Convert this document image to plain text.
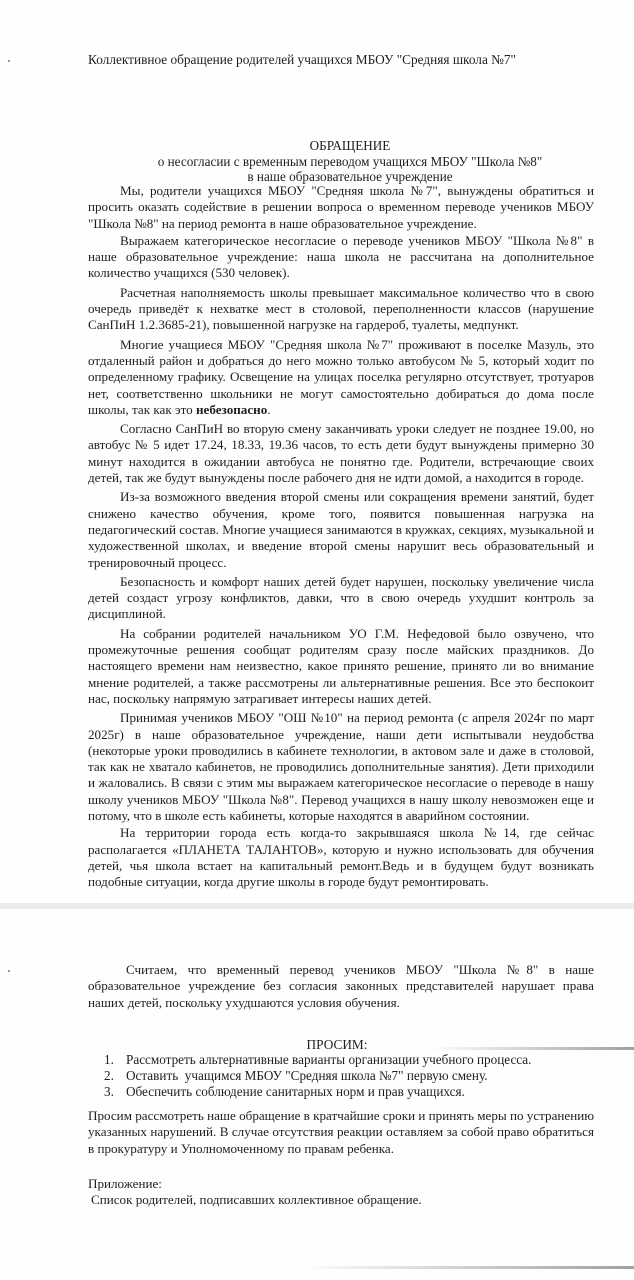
Коллективное обращение родителей учащихся МБОУ "Средняя школа №7"
ОБРАЩЕНИЕ
о несогласии с временным переводом учащихся МБОУ "Школа №8"
в наше образовательное учреждение

Мы, родители учащихся МБОУ "Средняя школа №7", вынуждены обратиться и просить оказать содействие в решении вопроса о временном переводе учеников МБОУ "Школа №8" на период ремонта в наше образовательное учреждение.

Выражаем категорическое несогласие о переводе учеников МБОУ "Школа №8" в наше образовательное учреждение: наша школа не рассчитана на дополнительное количество учащихся (530 человек).

Расчетная наполняемость школы превышает максимальное количество что в свою очередь приведёт к нехватке мест в столовой, переполненности классов (нарушение СанПиН 1.2.3685-21), повышенной нагрузке на гардероб, туалеты, медпункт.

Многие учащиеся МБОУ "Средняя школа №7" проживают в поселке Мазуль, это отдаленный район и добраться до него можно только автобусом № 5, который ходит по определенному графику. Освещение на улицах поселка регулярно отсутствует, тротуаров нет, соответственно школьники не могут самостоятельно добираться до дома после школы, так как это небезопасно.

Согласно СанПиН во вторую смену заканчивать уроки следует не позднее 19.00, но автобус № 5 идет 17.24, 18.33, 19.36 часов, то есть дети будут вынуждены примерно 30 минут находится в ожидании автобуса не понятно где. Родители, встречающие своих детей, так же будут вынуждены после рабочего дня не идти домой, а находится в городе.

Из-за возможного введения второй смены или сокращения времени занятий, будет снижено качество обучения, кроме того, появится повышенная нагрузка на педагогический состав. Многие учащиеся занимаются в кружках, секциях, музыкальной и художественной школах, и введение второй смены нарушит весь образовательный и тренировочный процесс.

Безопасность и комфорт наших детей будет нарушен, поскольку увеличение числа детей создаст угрозу конфликтов, давки, что в свою очередь ухудшит контроль за дисциплиной.

На собрании родителей начальником УО Г.М. Нефедовой было озвучено, что промежуточные решения сообщат родителям сразу после майских праздников. До настоящего времени нам неизвестно, какое принято решение, принято ли во внимание мнение родителей, а также рассмотрены ли альтернативные решения. Все это беспокоит нас, поскольку напрямую затрагивает интересы наших детей.

Принимая учеников МБОУ "ОШ №10" на период ремонта (с апреля 2024г по март 2025г) в наше образовательное учреждение, наши дети испытывали неудобства (некоторые уроки проводились в кабинете технологии, в актовом зале и даже в столовой, так как не хватало кабинетов, не проводились дополнительные занятия). Дети приходили и жаловались. В связи с этим мы выражаем категорическое несогласие о переводе в нашу школу учеников МБОУ "Школа №8". Перевод учащихся в нашу школу невозможен еще и потому, что в школе есть кабинеты, которые находятся в аварийном состоянии.

На территории города есть когда-то закрывшаяся школа №14, где сейчас располагается «ПЛАНЕТА ТАЛАНТОВ», которую и нужно использовать для обучения детей, чья школа встает на капитальный ремонт.Ведь и в будущем будут возникать подобные ситуации, когда другие школы в городе будут ремонтировать.

Считаем, что временный перевод учеников МБОУ "Школа №8" в наше образовательное учреждение без согласия законных представителей нарушает права наших детей, поскольку ухудшаются условия обучения.

ПРОСИМ:
1. Рассмотреть альтернативные варианты организации учебного процесса.
2. Оставить  учащимся МБОУ "Средняя школа №7" первую смену.
3. Обеспечить соблюдение санитарных норм и прав учащихся.

Просим рассмотреть наше обращение в кратчайшие сроки и принять меры по устранению указанных нарушений. В случае отсутствия реакции оставляем за собой право обратиться в прокуратуру и Уполномоченному по правам ребенка.

Приложение:
Список родителей, подписавших коллективное обращение.
